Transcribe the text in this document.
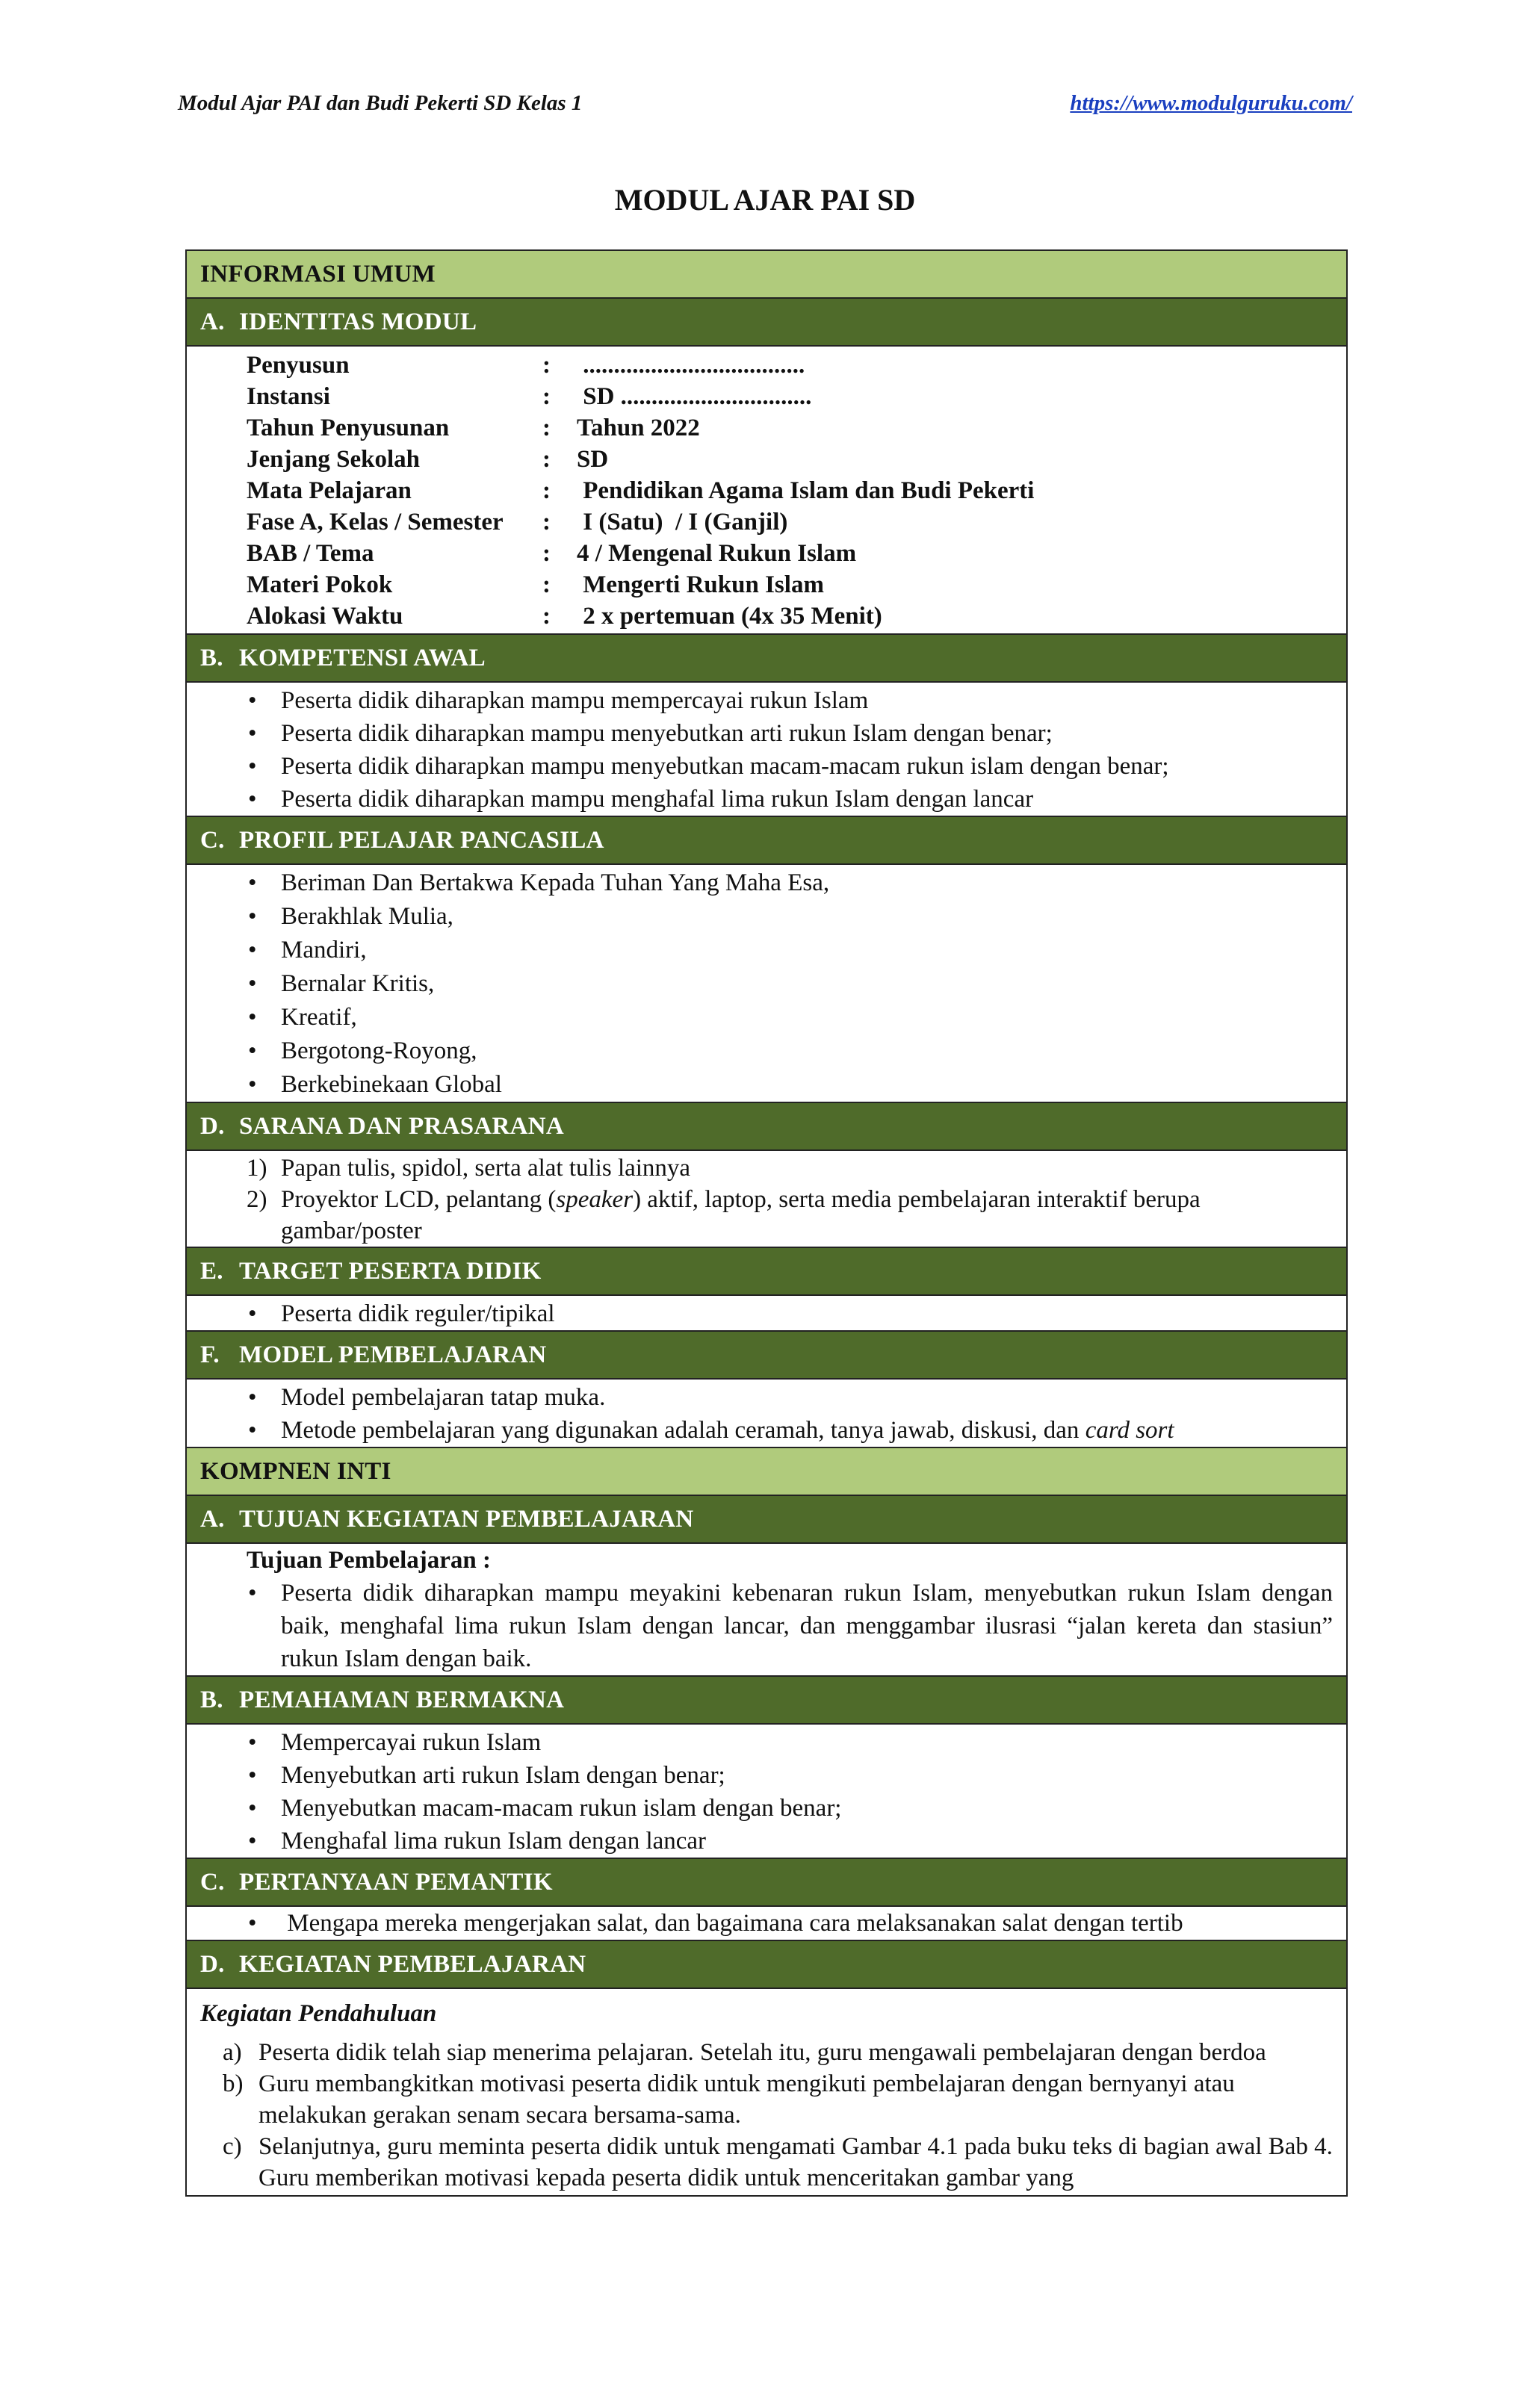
Modul Ajar PAI dan Budi Pekerti SD Kelas 1	https://www.modulguruku.com/
MODUL AJAR PAI SD
INFORMASI UMUM
A. IDENTITAS MODUL
Penyusun	:	....................................
Instansi	:	SD ...............................
Tahun Penyusunan	:	Tahun 2022
Jenjang Sekolah	:	SD
Mata Pelajaran	:	Pendidikan Agama Islam dan Budi Pekerti
Fase A, Kelas / Semester	:	I (Satu)  / I (Ganjil)
BAB / Tema	:	4 / Mengenal Rukun Islam
Materi Pokok	:	Mengerti Rukun Islam
Alokasi Waktu	:	2 x pertemuan (4x 35 Menit)
B. KOMPETENSI AWAL
• Peserta didik diharapkan mampu mempercayai rukun Islam
• Peserta didik diharapkan mampu menyebutkan arti rukun Islam dengan benar;
• Peserta didik diharapkan mampu menyebutkan macam-macam rukun islam dengan benar;
• Peserta didik diharapkan mampu menghafal lima rukun Islam dengan lancar
C. PROFIL PELAJAR PANCASILA
• Beriman Dan Bertakwa Kepada Tuhan Yang Maha Esa,
• Berakhlak Mulia,
• Mandiri,
• Bernalar Kritis,
• Kreatif,
• Bergotong-Royong,
• Berkebinekaan Global
D. SARANA DAN PRASARANA
1) Papan tulis, spidol, serta alat tulis lainnya
2) Proyektor LCD, pelantang (speaker) aktif, laptop, serta media pembelajaran interaktif berupa gambar/poster
E. TARGET PESERTA DIDIK
• Peserta didik reguler/tipikal
F. MODEL PEMBELAJARAN
• Model pembelajaran tatap muka.
• Metode pembelajaran yang digunakan adalah ceramah, tanya jawab, diskusi, dan card sort
KOMPNEN INTI
A. TUJUAN KEGIATAN PEMBELAJARAN
Tujuan Pembelajaran :
• Peserta didik diharapkan mampu meyakini kebenaran rukun Islam, menyebutkan rukun Islam dengan baik, menghafal lima rukun Islam dengan lancar, dan menggambar ilusrasi “jalan kereta dan stasiun” rukun Islam dengan baik.
B. PEMAHAMAN BERMAKNA
• Mempercayai rukun Islam
• Menyebutkan arti rukun Islam dengan benar;
• Menyebutkan macam-macam rukun islam dengan benar;
• Menghafal lima rukun Islam dengan lancar
C. PERTANYAAN PEMANTIK
•  Mengapa mereka mengerjakan salat, dan bagaimana cara melaksanakan salat dengan tertib
D. KEGIATAN PEMBELAJARAN
Kegiatan Pendahuluan
a) Peserta didik telah siap menerima pelajaran. Setelah itu, guru mengawali pembelajaran dengan berdoa
b) Guru membangkitkan motivasi peserta didik untuk mengikuti pembelajaran dengan bernyanyi atau melakukan gerakan senam secara bersama-sama.
c) Selanjutnya, guru meminta peserta didik untuk mengamati Gambar 4.1 pada buku teks di bagian awal Bab 4. Guru memberikan motivasi kepada peserta didik untuk menceritakan gambar yang
